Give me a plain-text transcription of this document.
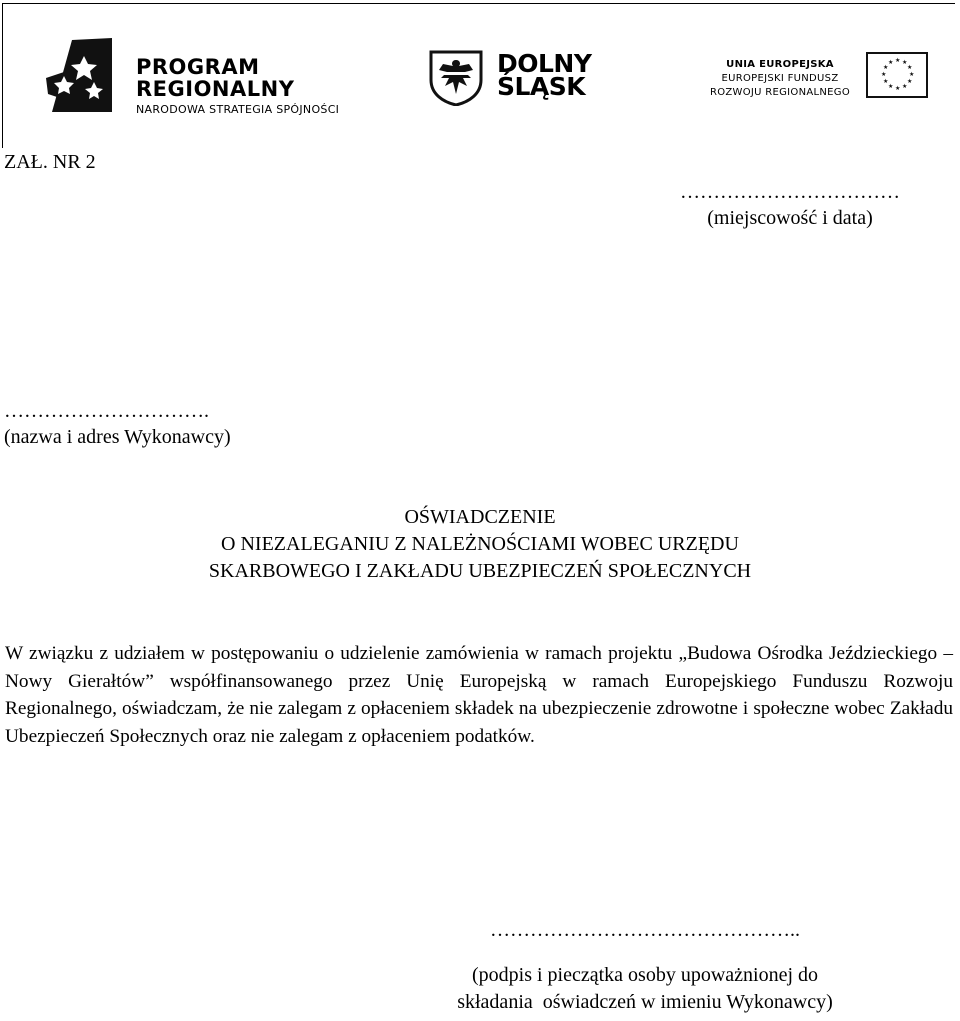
PROGRAM
REGIONALNY
NARODOWA STRATEGIA SPÓJNOŚCI
DOLNY
ŚLĄSK
UNIA EUROPEJSKA
EUROPEJSKI FUNDUSZ
ROZWOJU REGIONALNEGO
★ ★
★
★
★
★
★
★
★
★
★
★
ZAŁ. NR 2
……………………………
(miejscowość i data)
………………………….
(nazwa i adres Wykonawcy)
OŚWIADCZENIE
O NIEZALEGANIU Z NALEŻNOŚCIAMI WOBEC URZĘDU
SKARBOWEGO I ZAKŁADU UBEZPIECZEŃ SPOŁECZNYCH
W związku z udziałem w postępowaniu o udzielenie zamówienia w ramach projektu „Budowa Ośrodka Jeździeckiego – Nowy Gierałtów” współfinansowanego przez Unię Europejską w ramach Europejskiego Funduszu Rozwoju Regionalnego, oświadczam, że nie zalegam z opłaceniem składek na ubezpieczenie zdrowotne i społeczne wobec Zakładu Ubezpieczeń Społecznych oraz nie zalegam z opłaceniem podatków.
………………………………………..
(podpis i pieczątka osoby upoważnionej do
składania  oświadczeń w imieniu Wykonawcy)
